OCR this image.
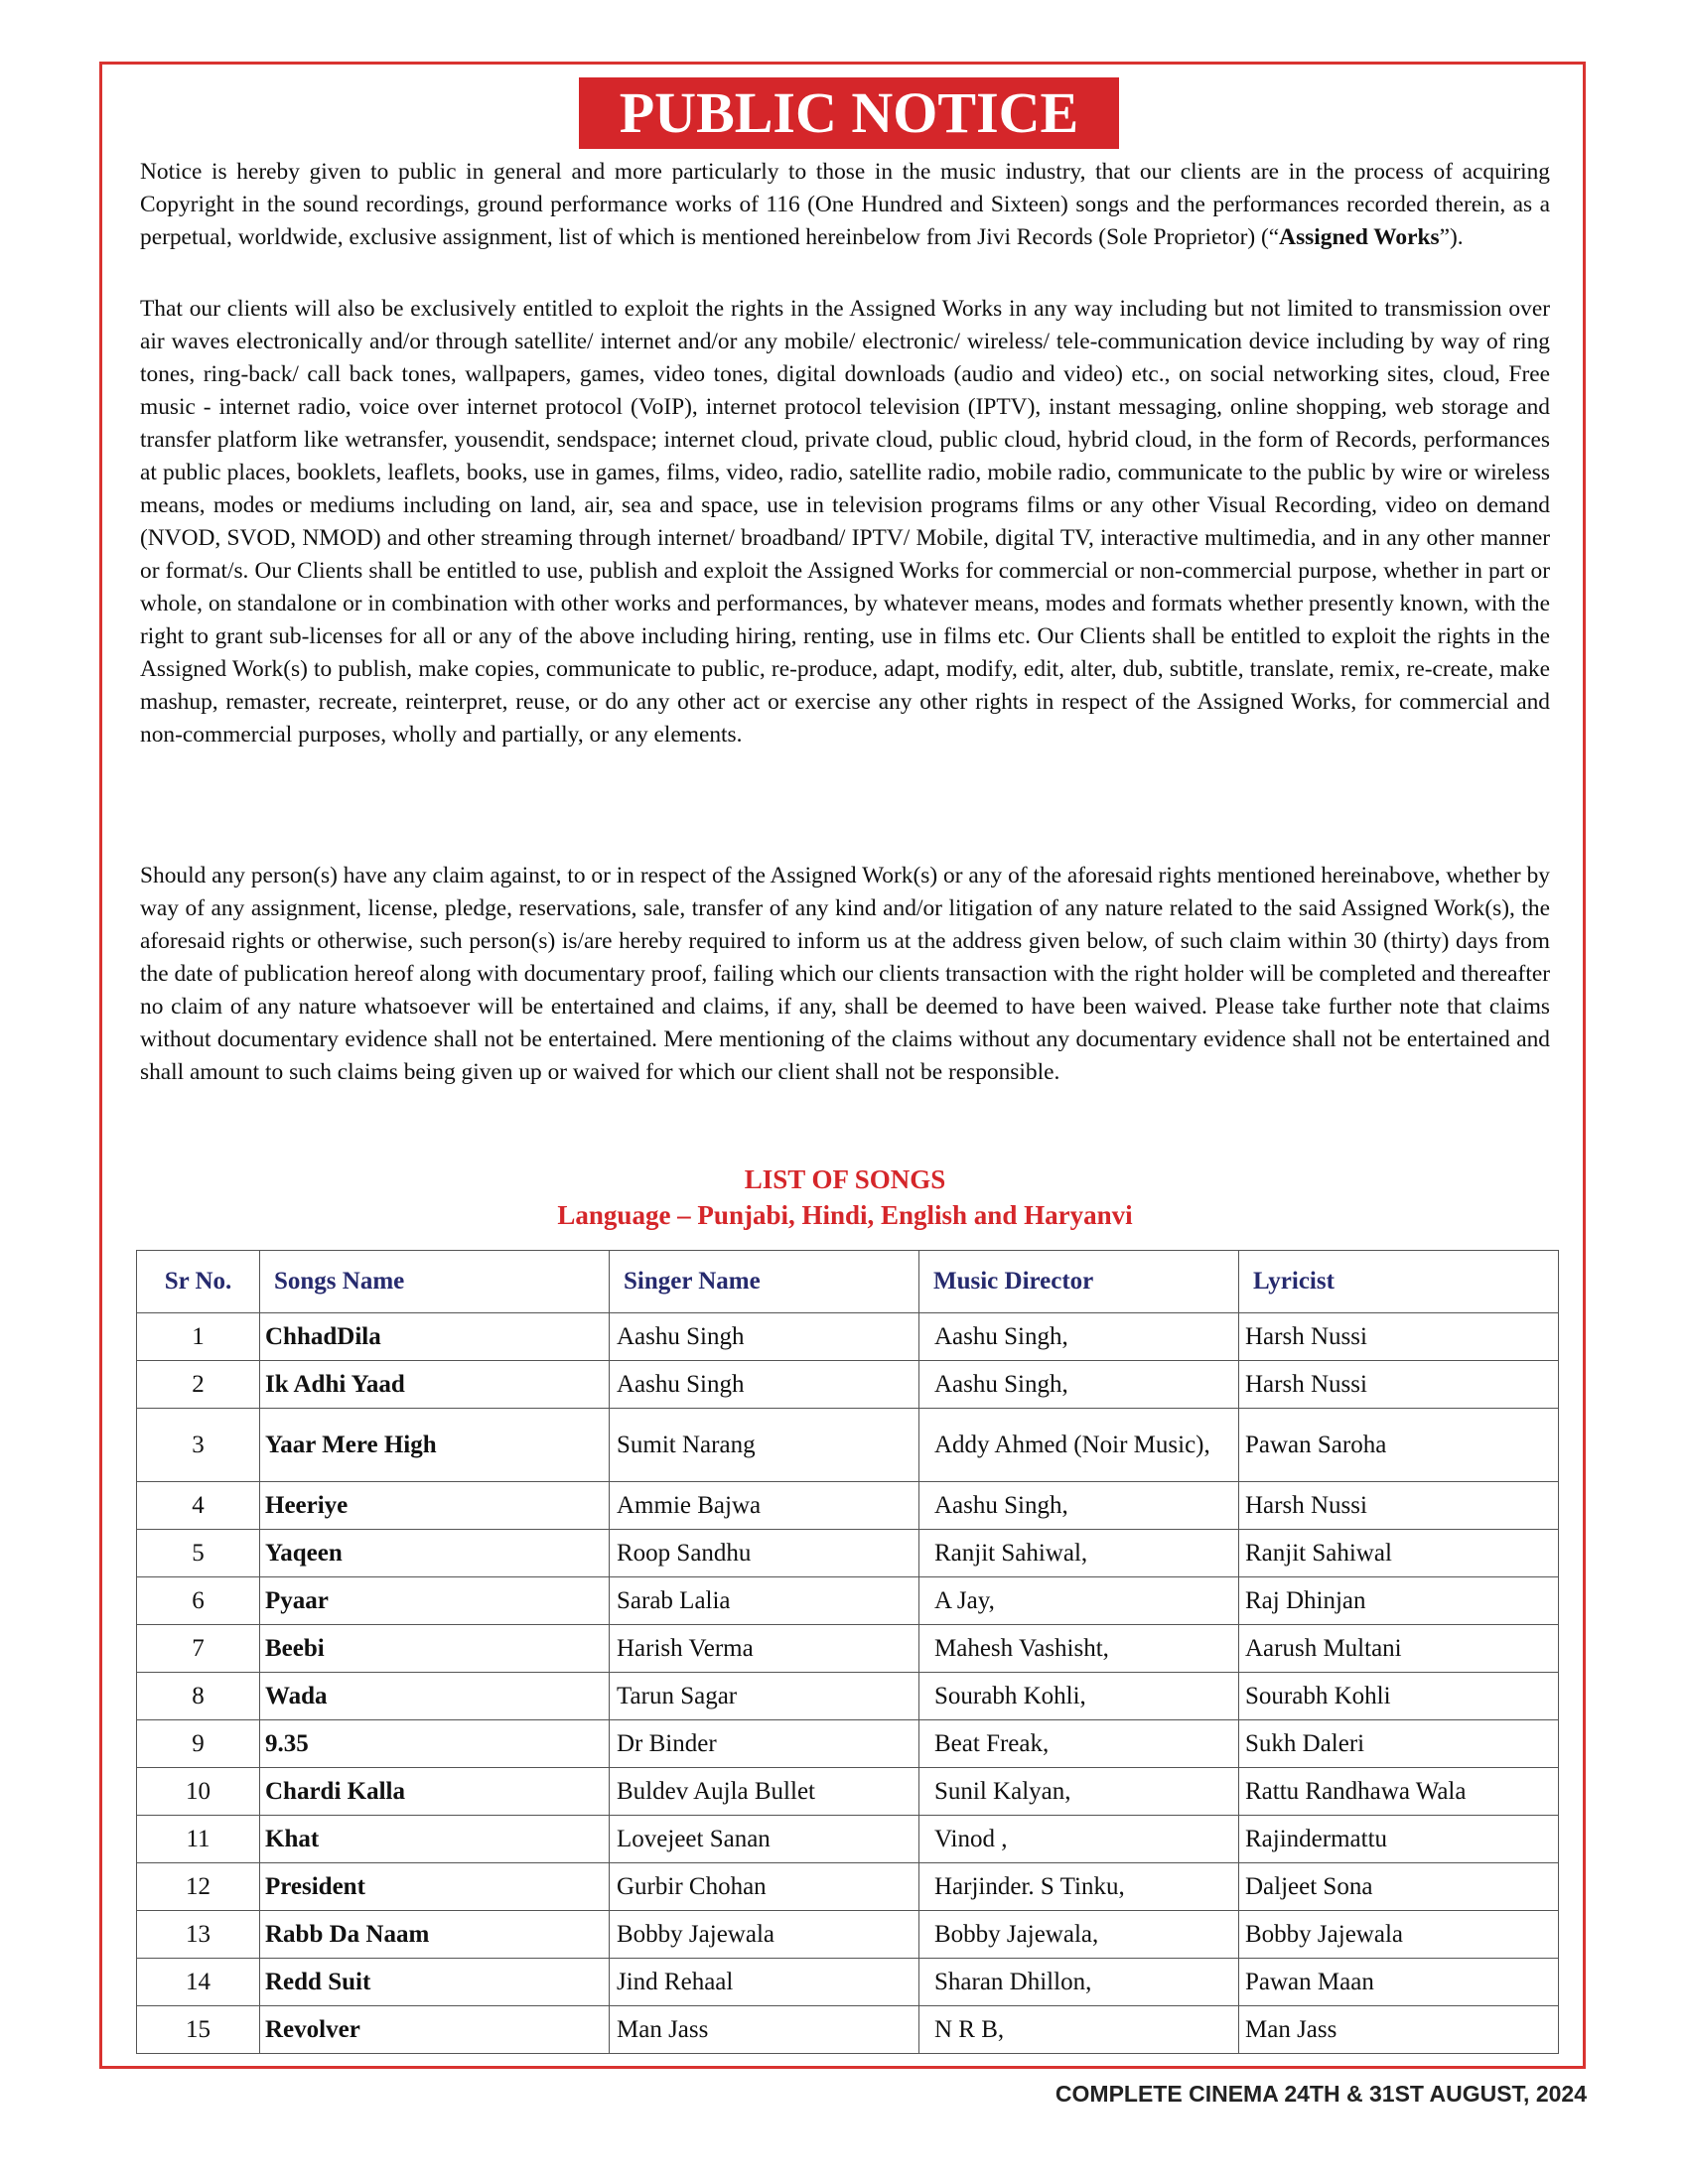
PUBLIC NOTICE

Notice is hereby given to public in general and more particularly to those in the music industry, that our clients are in the process of acquiring Copyright in the sound recordings, ground performance works of 116 (One Hundred and Sixteen) songs and the performances recorded therein, as a perpetual, worldwide, exclusive assignment, list of which is mentioned hereinbelow from Jivi Records (Sole Proprietor) (“Assigned Works”).

That our clients will also be exclusively entitled to exploit the rights in the Assigned Works in any way including but not limited to transmission over air waves electronically and/or through satellite/ internet and/or any mobile/ electronic/ wireless/ tele-communication device including by way of ring tones, ring-back/ call back tones, wallpapers, games, video tones, digital downloads (audio and video) etc., on social networking sites, cloud, Free music - internet radio, voice over internet protocol (VoIP), internet protocol television (IPTV), instant messaging, online shopping, web storage and transfer platform like wetransfer, yousendit, sendspace; internet cloud, private cloud, public cloud, hybrid cloud, in the form of Records, performances at public places, booklets, leaflets, books, use in games, films, video, radio, satellite radio, mobile radio, communicate to the public by wire or wireless means, modes or mediums including on land, air, sea and space, use in television programs films or any other Visual Recording, video on demand (NVOD, SVOD, NMOD) and other streaming through internet/ broadband/ IPTV/ Mobile, digital TV, interactive multimedia, and in any other manner or format/s. Our Clients shall be entitled to use, publish and exploit the Assigned Works for commercial or non-commercial purpose, whether in part or whole, on standalone or in combination with other works and performances, by whatever means, modes and formats whether presently known, with the right to grant sub-licenses for all or any of the above including hiring, renting, use in films etc. Our Clients shall be entitled to exploit the rights in the Assigned Work(s) to publish, make copies, communicate to public, re-produce, adapt, modify, edit, alter, dub, subtitle, translate, remix, re-create, make mashup, remaster, recreate, reinterpret, reuse, or do any other act or exercise any other rights in respect of the Assigned Works, for commercial and non-commercial purposes, wholly and partially, or any elements.

Should any person(s) have any claim against, to or in respect of the Assigned Work(s) or any of the aforesaid rights mentioned hereinabove, whether by way of any assignment, license, pledge, reservations, sale, transfer of any kind and/or litigation of any nature related to the said Assigned Work(s), the aforesaid rights or otherwise, such person(s) is/are hereby required to inform us at the address given below, of such claim within 30 (thirty) days from the date of publication hereof along with documentary proof, failing which our clients transaction with the right holder will be completed and thereafter no claim of any nature whatsoever will be entertained and claims, if any, shall be deemed to have been waived. Please take further note that claims without documentary evidence shall not be entertained. Mere mentioning of the claims without any documentary evidence shall not be entertained and shall amount to such claims being given up or waived for which our client shall not be responsible.

LIST OF SONGS
Language – Punjabi, Hindi, English and Haryanvi
Sr No.	Songs Name	Singer Name	Music Director	Lyricist
1	ChhadDila	Aashu Singh	Aashu Singh,	Harsh Nussi
2	Ik Adhi Yaad	Aashu Singh	Aashu Singh,	Harsh Nussi
3	Yaar Mere High	Sumit Narang	Addy Ahmed (Noir Music),	Pawan Saroha
4	Heeriye	Ammie Bajwa	Aashu Singh,	Harsh Nussi
5	Yaqeen	Roop Sandhu	Ranjit Sahiwal,	Ranjit Sahiwal
6	Pyaar	Sarab Lalia	A Jay,	Raj Dhinjan
7	Beebi	Harish Verma	Mahesh Vashisht,	Aarush Multani
8	Wada	Tarun Sagar	Sourabh Kohli,	Sourabh Kohli
9	9.35	Dr Binder	Beat Freak,	Sukh Daleri
10	Chardi Kalla	Buldev Aujla Bullet	Sunil Kalyan,	Rattu Randhawa Wala
11	Khat	Lovejeet Sanan	Vinod ,	Rajindermattu
12	President	Gurbir Chohan	Harjinder. S Tinku,	Daljeet Sona
13	Rabb Da Naam	Bobby Jajewala	Bobby Jajewala,	Bobby Jajewala
14	Redd Suit	Jind Rehaal	Sharan Dhillon,	Pawan Maan
15	Revolver	Man Jass	N R B,	Man Jass
COMPLETE CINEMA 24TH & 31ST AUGUST, 2024
